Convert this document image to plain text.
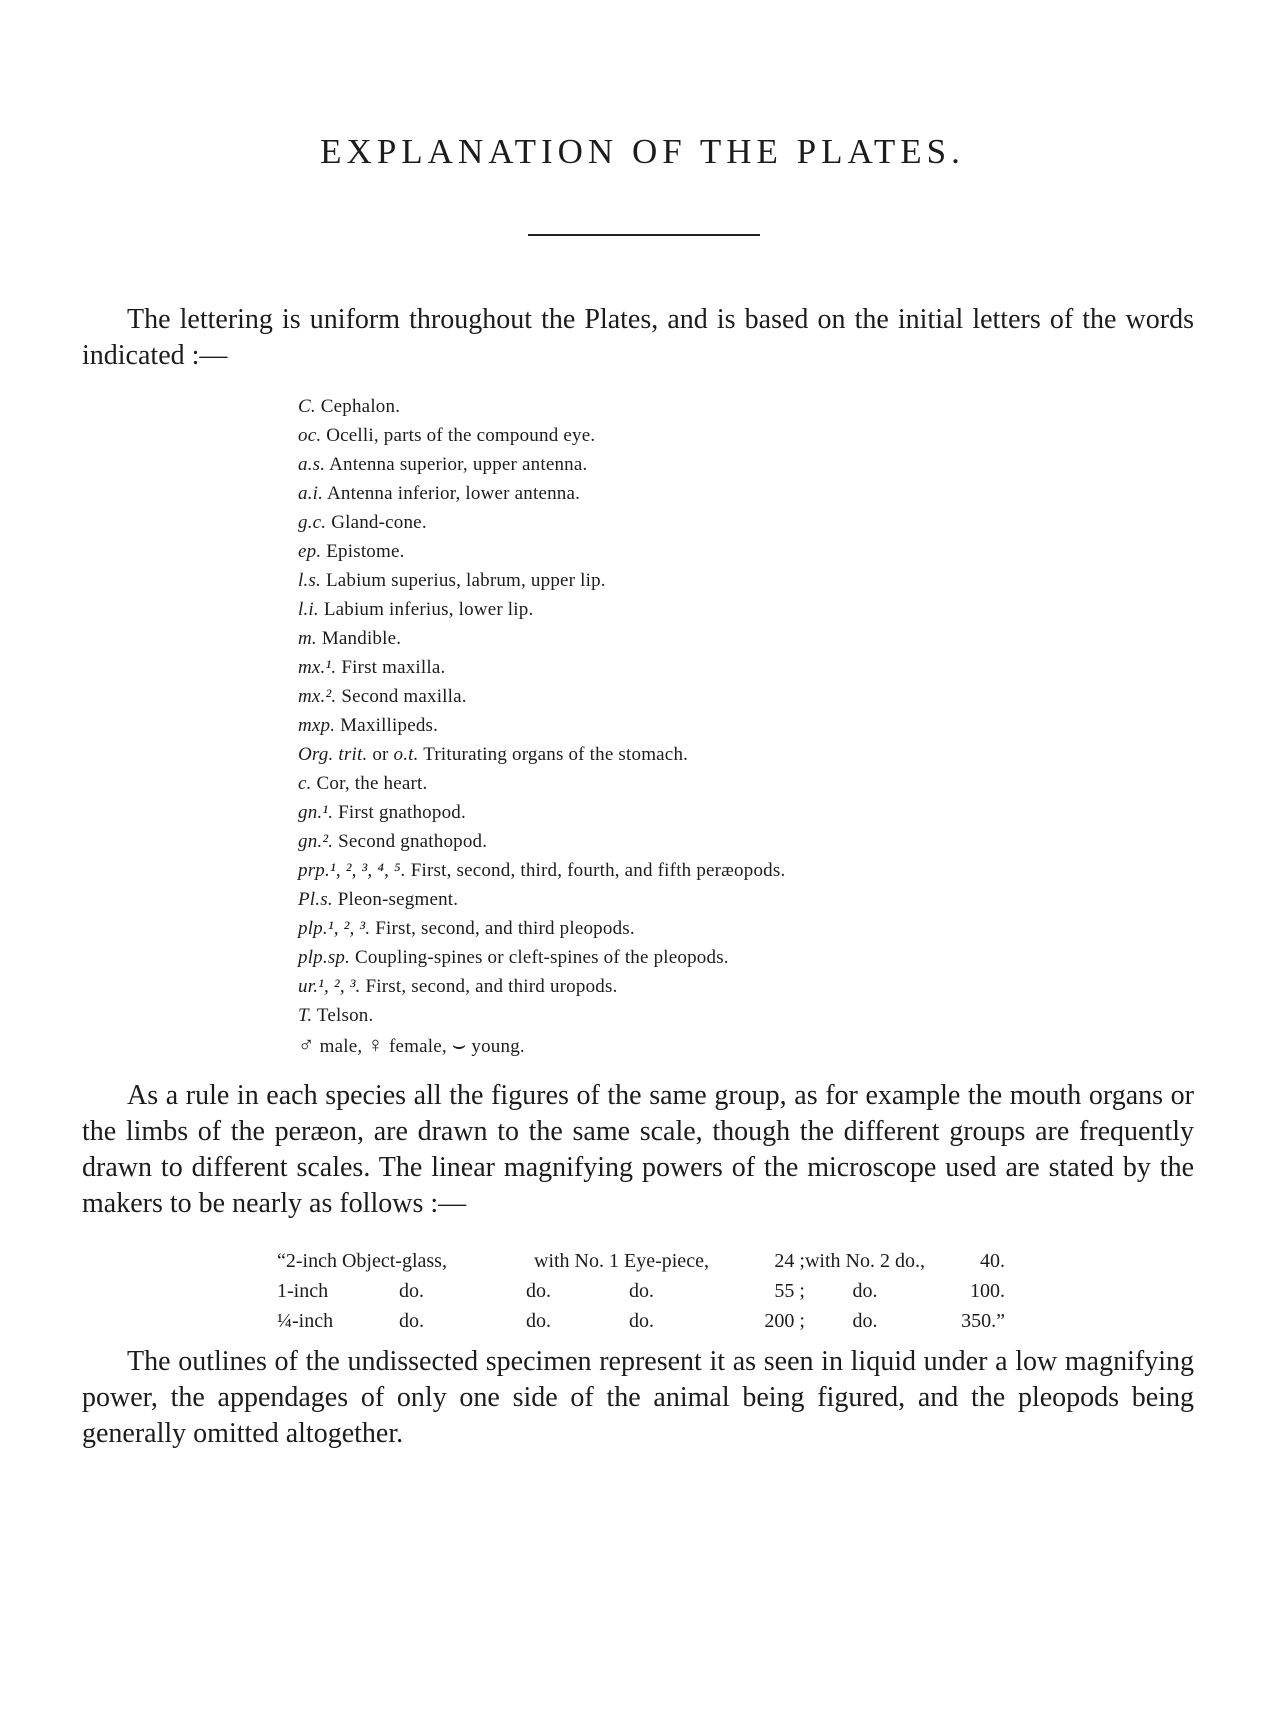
EXPLANATION OF THE PLATES.

The lettering is uniform throughout the Plates, and is based on the initial letters of the words indicated :—

C. Cephalon.
oc. Ocelli, parts of the compound eye.
a.s. Antenna superior, upper antenna.
a.i. Antenna inferior, lower antenna.
g.c. Gland-cone.
ep. Epistome.
l.s. Labium superius, labrum, upper lip.
l.i. Labium inferius, lower lip.
m. Mandible.
mx.¹. First maxilla.
mx.². Second maxilla.
mxp. Maxillipeds.
Org. trit. or o.t. Triturating organs of the stomach.
c. Cor, the heart.
gn.¹. First gnathopod.
gn.². Second gnathopod.
prp.¹, ², ³, ⁴, ⁵. First, second, third, fourth, and fifth peræopods.
Pl.s. Pleon-segment.
plp.¹, ², ³. First, second, and third pleopods.
plp.sp. Coupling-spines or cleft-spines of the pleopods.
ur.¹, ², ³. First, second, and third uropods.
T. Telson.
♂ male, ♀ female, ⌣ young.

As a rule in each species all the figures of the same group, as for example the mouth organs or the limbs of the peræon, are drawn to the same scale, though the different groups are frequently drawn to different scales. The linear magnifying powers of the microscope used are stated by the makers to be nearly as follows :—

“2-inch Object-glass,		with No. 1 Eye-piece,			24 ;	with No. 2 do.,	40.
1-inch	do.	do.	do.		55 ;	do.	100.
¼-inch	do.	do.	do.		200 ;	do.	350.”

The outlines of the undissected specimen represent it as seen in liquid under a low magnifying power, the appendages of only one side of the animal being figured, and the pleopods being generally omitted altogether.
